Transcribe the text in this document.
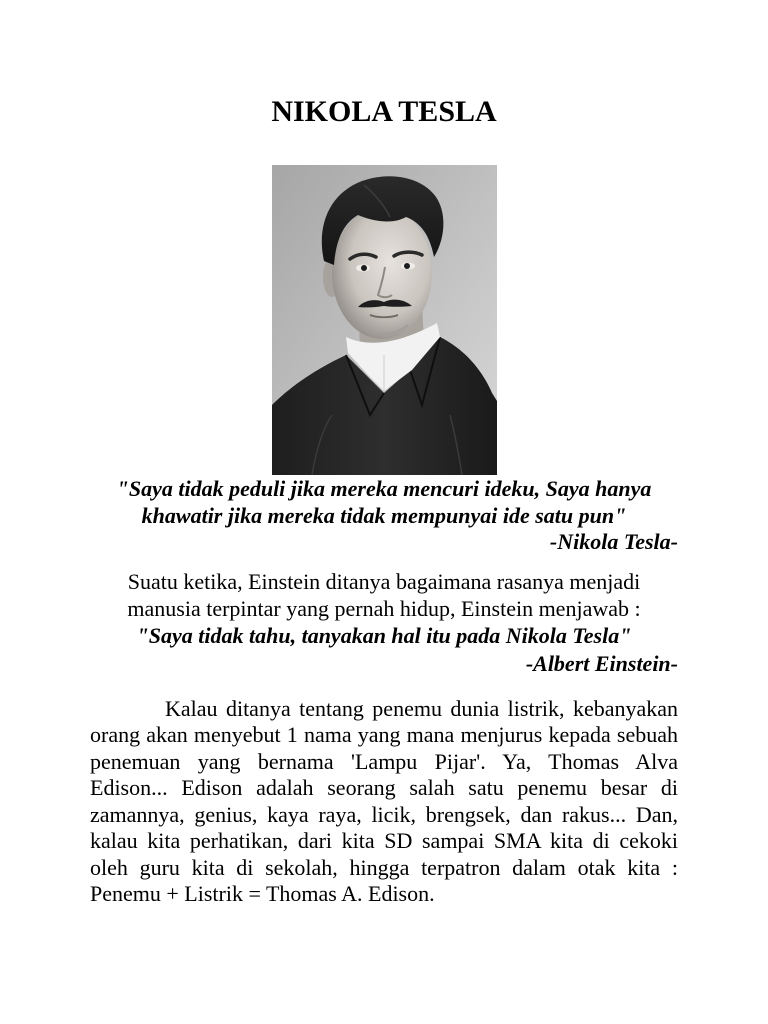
NIKOLA TESLA
"Saya tidak peduli jika mereka mencuri ideku, Saya hanya
khawatir jika mereka tidak mempunyai ide satu pun"
-Nikola Tesla-
Suatu ketika, Einstein ditanya bagaimana rasanya menjadi
manusia terpintar yang pernah hidup, Einstein menjawab :
"Saya tidak tahu, tanyakan hal itu pada Nikola Tesla"
-Albert Einstein-
Kalau ditanya tentang penemu dunia listrik, kebanyakan
orang akan menyebut 1 nama yang mana menjurus kepada sebuah
penemuan yang bernama 'Lampu Pijar'. Ya, Thomas Alva
Edison... Edison adalah seorang salah satu penemu besar di
zamannya, genius, kaya raya, licik, brengsek, dan rakus... Dan,
kalau kita perhatikan, dari kita SD sampai SMA kita di cekoki
oleh guru kita di sekolah, hingga terpatron dalam otak kita :
Penemu + Listrik = Thomas A. Edison.
